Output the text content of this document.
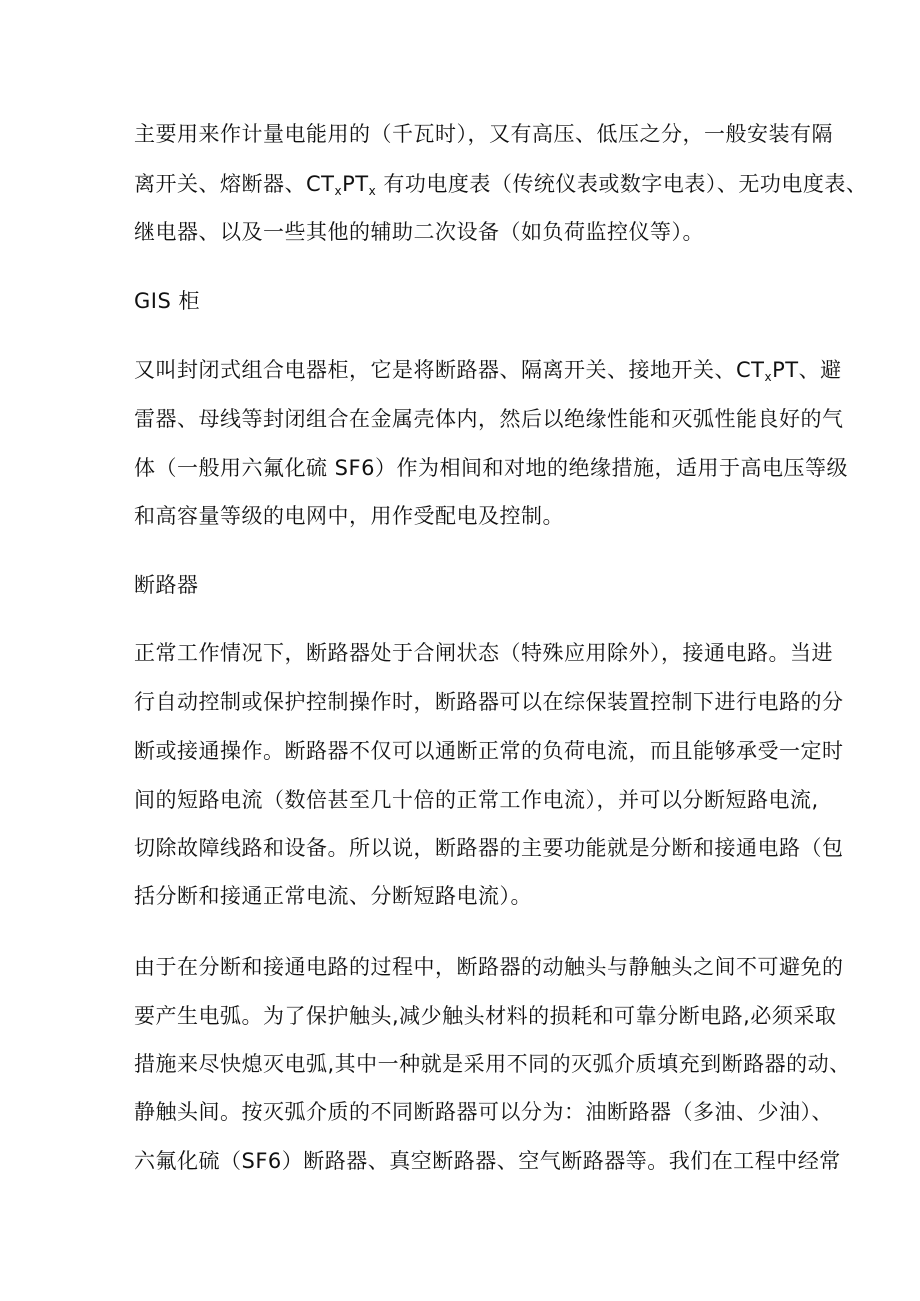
主要用来作计量电能用的（千瓦时），又有高压、低压之分，一般安装有隔
离开关、熔断器、$CT_xPT_x$ 有功电度表（传统仪表或数字电表）、无功电度表、
继电器、以及一些其他的辅助二次设备（如负荷监控仪等）。
GIS 柜
又叫封闭式组合电器柜，它是将断路器、隔离开关、接地开关、$CT_xPT$、避
雷器、母线等封闭组合在金属壳体内，然后以绝缘性能和灭弧性能良好的气
体（一般用六氟化硫 SF6）作为相间和对地的绝缘措施，适用于高电压等级
和高容量等级的电网中，用作受配电及控制。
断路器
正常工作情况下，断路器处于合闸状态（特殊应用除外），接通电路。当进
行自动控制或保护控制操作时，断路器可以在综保装置控制下进行电路的分
断或接通操作。断路器不仅可以通断正常的负荷电流，而且能够承受一定时
间的短路电流（数倍甚至几十倍的正常工作电流），并可以分断短路电流,
切除故障线路和设备。所以说，断路器的主要功能就是分断和接通电路（包
括分断和接通正常电流、分断短路电流）。
由于在分断和接通电路的过程中，断路器的动触头与静触头之间不可避免的
要产生电弧。为了保护触头,减少触头材料的损耗和可靠分断电路,必须采取
措施来尽快熄灭电弧,其中一种就是采用不同的灭弧介质填充到断路器的动、
静触头间。按灭弧介质的不同断路器可以分为：油断路器（多油、少油）、
六氟化硫（SF6）断路器、真空断路器、空气断路器等。我们在工程中经常
